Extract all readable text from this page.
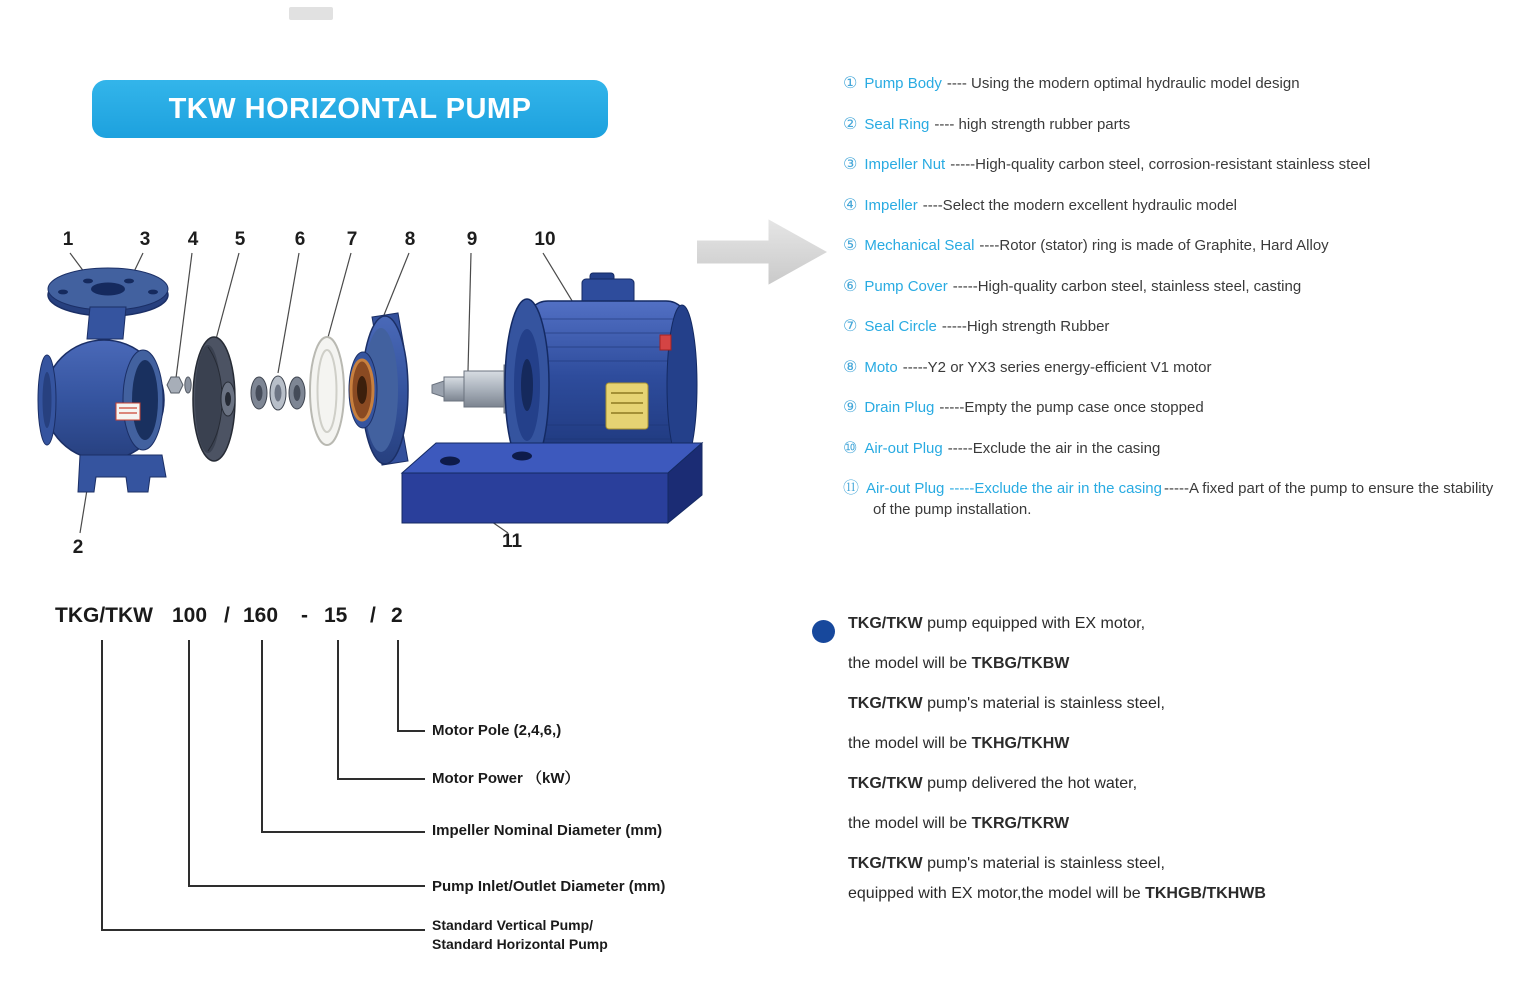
TKW HORIZONTAL PUMP
1	3 4 5	6 7 8	9	10
2	11
① Pump Body ---- Using the modern optimal hydraulic model design
② Seal Ring ---- high strength rubber parts
③ Impeller Nut -----High-quality carbon steel, corrosion-resistant stainless steel
④ Impeller ----Select the modern excellent hydraulic model
⑤ Mechanical Seal ----Rotor (stator) ring is made of Graphite, Hard Alloy
⑥ Pump Cover -----High-quality carbon steel, stainless steel, casting
⑦ Seal Circle -----High strength Rubber
⑧ Moto -----Y2 or YX3 series energy-efficient V1 motor
⑨ Drain Plug -----Empty the pump case once stopped
⑩ Air-out Plug -----Exclude the air in the casing
⑪ Air-out Plug -----Exclude the air in the casing -----A fixed part of the pump to ensure the stability of the pump installation.
TKG/TKW 100 / 160 - 15 / 2
Motor Pole (2,4,6,)
Motor Power （kW）
Impeller Nominal Diameter (mm)
Pump Inlet/Outlet Diameter (mm)
Standard Vertical Pump/
Standard Horizontal Pump
TKG/TKW pump equipped with EX motor,
the model will be TKBG/TKBW
TKG/TKW pump's material is stainless steel,
the model will be TKHG/TKHW
TKG/TKW pump delivered the hot water,
the model will be TKRG/TKRW
TKG/TKW pump's material is stainless steel,
equipped with EX motor,the model will be TKHGB/TKHWB
